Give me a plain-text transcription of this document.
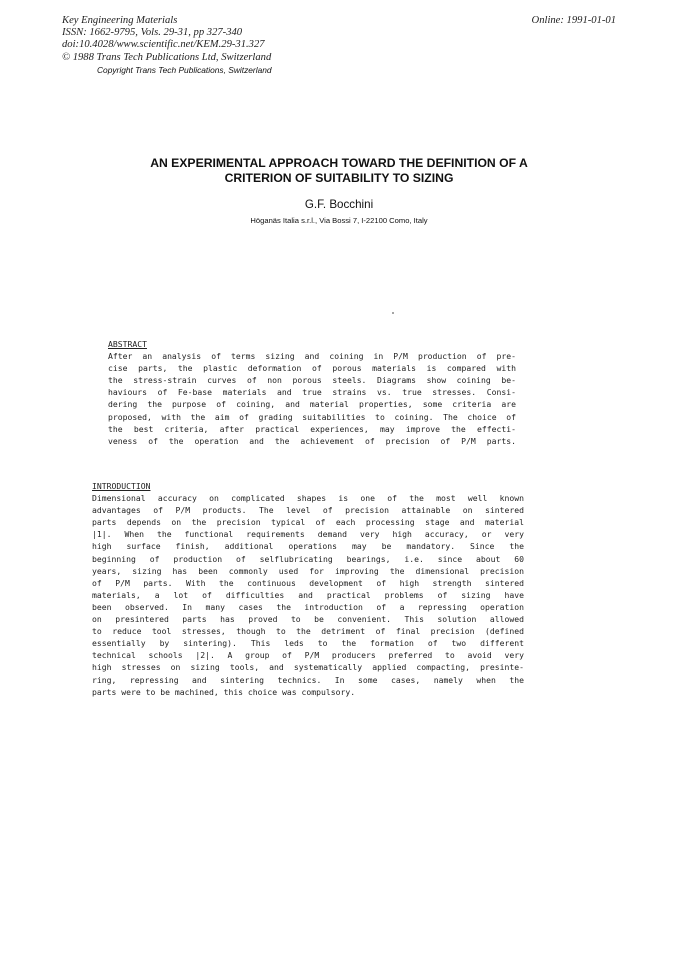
Key Engineering Materials
ISSN: 1662-9795, Vols. 29-31, pp 327-340
doi:10.4028/www.scientific.net/KEM.29-31.327
© 1988 Trans Tech Publications Ltd, Switzerland
Online: 1991-01-01
Copyright Trans Tech Publications, Switzerland
AN EXPERIMENTAL APPROACH TOWARD THE DEFINITION OF A
CRITERION OF SUITABILITY TO SIZING
G.F. Bocchini
Höganäs Italia s.r.l., Via Bossi 7, I-22100 Como, Italy
ABSTRACT
After an analysis of terms sizing and coining in P/M production of pre-
cise parts, the plastic deformation of porous materials is compared with
the stress-strain curves of non porous steels. Diagrams show coining be-
haviours of Fe-base materials and true strains vs. true stresses. Consi-
dering the purpose of coining, and material properties, some criteria are
proposed, with the aim of grading suitabilities to coining. The choice of
the best criteria, after practical experiences, may improve the effecti-
veness of the operation and the achievement of precision of P/M parts.
INTRODUCTION
Dimensional accuracy on complicated shapes is one of the most well known
advantages of P/M products. The level of precision attainable on sintered
parts depends on the precision typical of each processing stage and material
|1|. When the functional requirements demand very high accuracy, or very
high surface finish, additional operations may be mandatory. Since the
beginning of production of selflubricating bearings, i.e. since about 60
years, sizing has been commonly used for improving the dimensional precision
of P/M parts. With the continuous development of high strength sintered
materials, a lot of difficulties and practical problems of sizing have
been observed. In many cases the introduction of a repressing operation
on presintered parts has proved to be convenient. This solution allowed
to reduce tool stresses, though to the detriment of final precision (defined
essentially by sintering). This leds to the formation of two different
technical schools |2|. A group of P/M producers preferred to avoid very
high stresses on sizing tools, and systematically applied compacting, presinte-
ring, repressing and sintering technics. In some cases, namely when the
parts were to be machined, this choice was compulsory.
